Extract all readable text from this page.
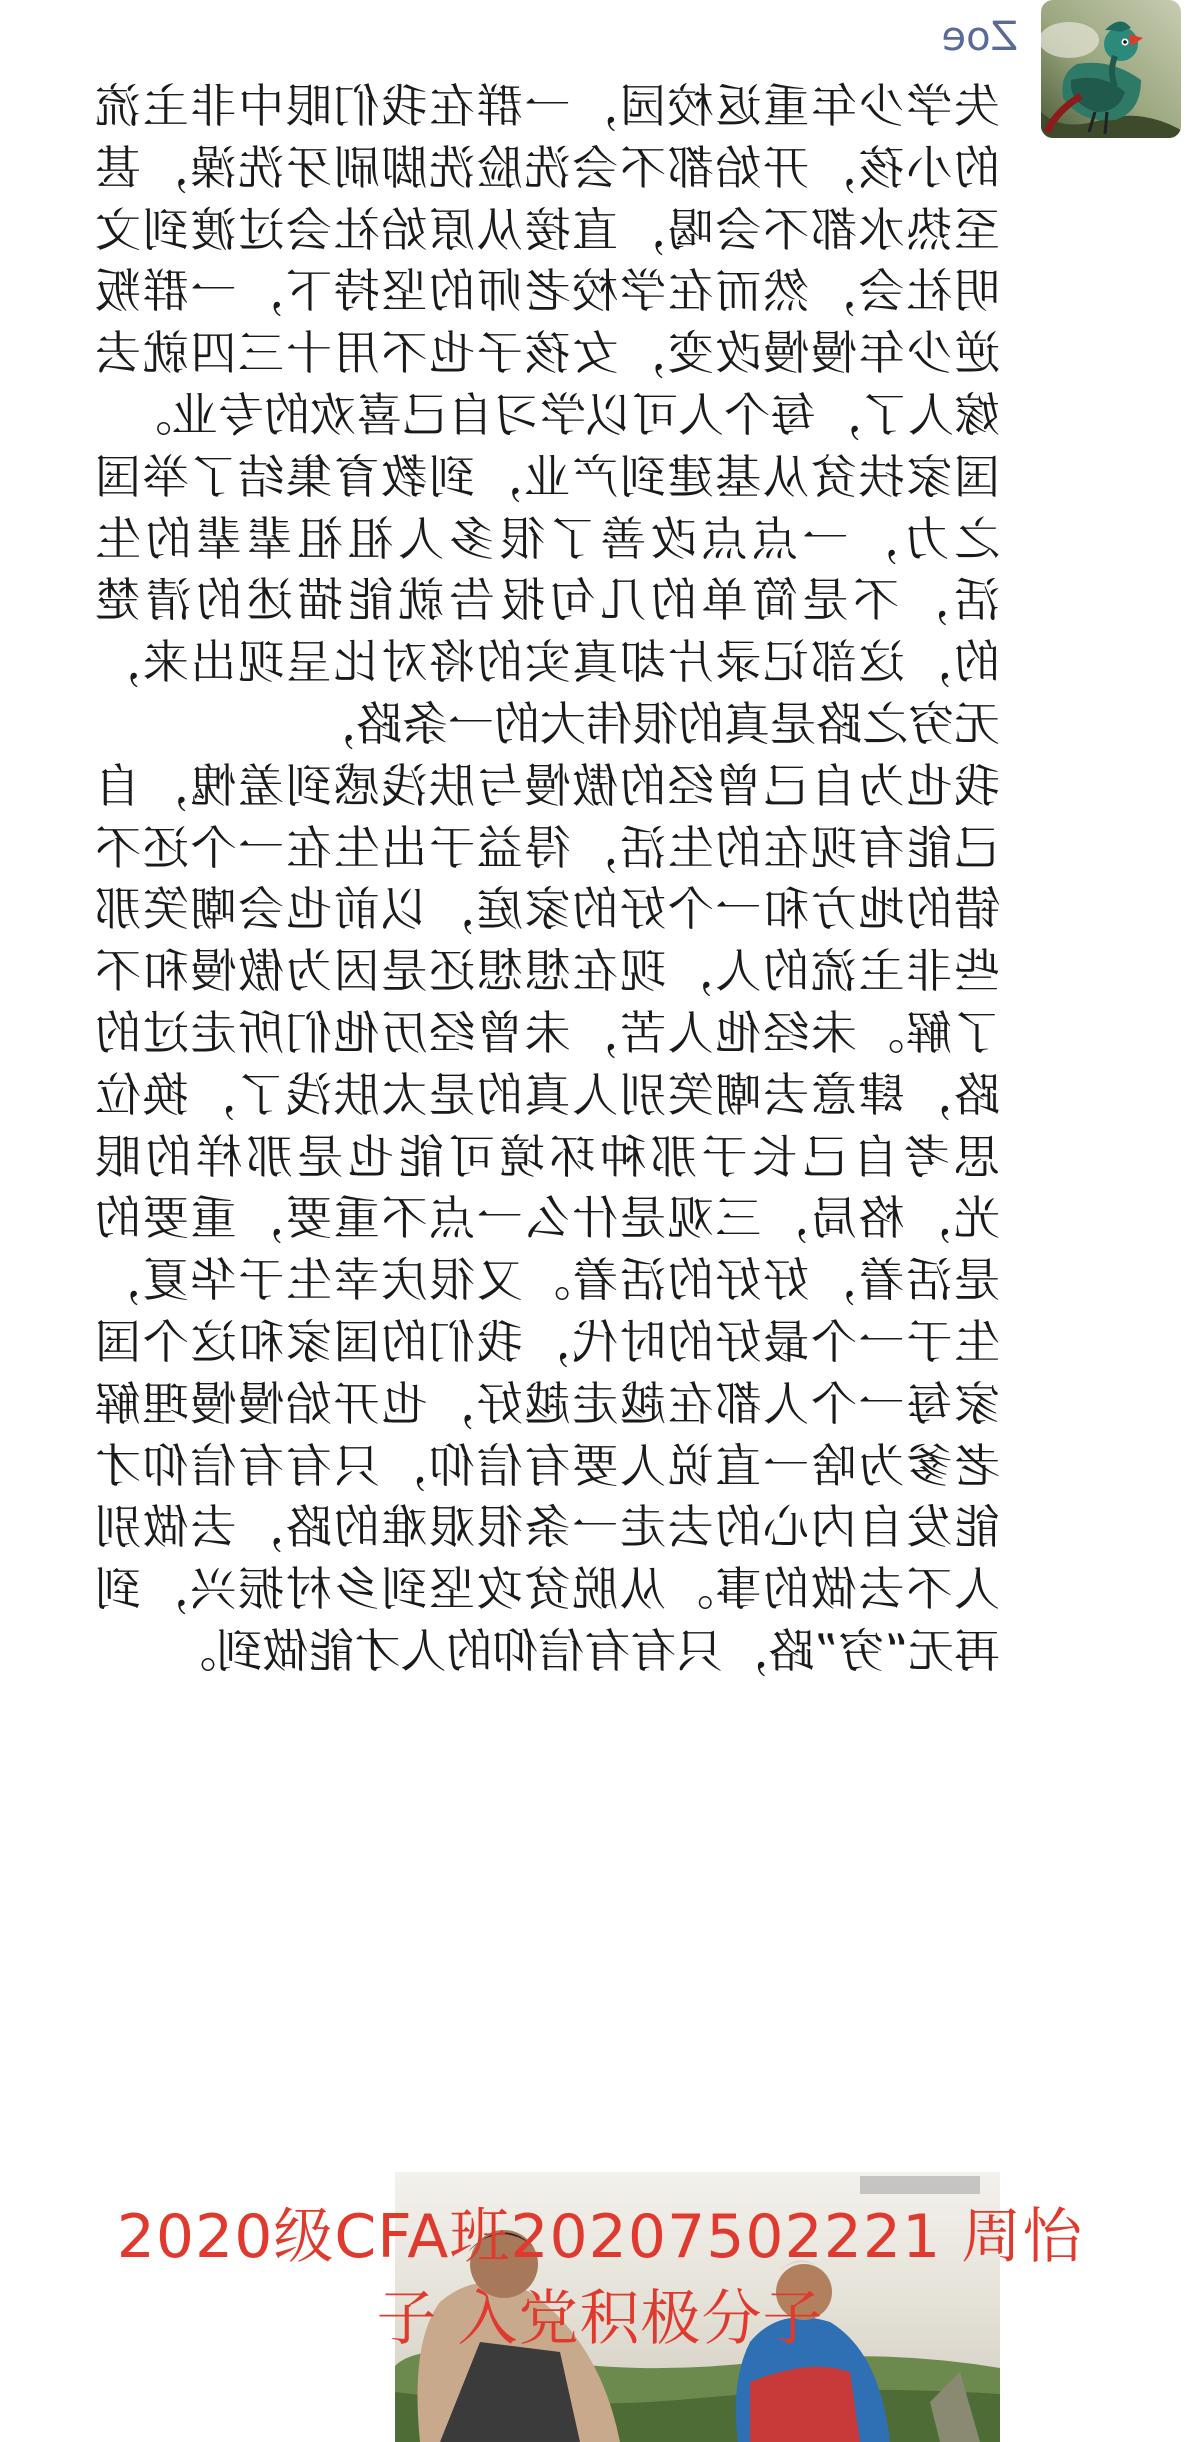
Zoe

失学少年重返校园，一群在我们眼中非主流的小孩，开始都不会洗脸洗脚刷牙洗澡，甚至热水都不会喝，直接从原始社会过渡到文明社会，然而在学校老师的坚持下，一群叛逆少年慢慢改变，女孩子也不用十三四就去嫁人了，每个人可以学习自己喜欢的专业。

国家扶贫从基建到产业，到教育集结了举国之力，一点点改善了很多人祖祖辈辈的生活，不是简单的几句报告就能描述的清楚的，这部记录片却真实的将对比呈现出来，无穷之路是真的很伟大的一条路，

我也为自己曾经的傲慢与肤浅感到羞愧，自己能有现在的生活，得益于出生在一个还不错的地方和一个好的家庭，以前也会嘲笑那些非主流的人，现在想想还是因为傲慢和不了解。未经他人苦，未曾经历他们所走过的路，肆意去嘲笑别人真的是太肤浅了，换位思考自己长于那种环境可能也是那样的眼光，格局，三观是什么一点不重要，重要的是活着，好好的活着。又很庆幸生于华夏，生于一个最好的时代，我们的国家和这个国家每一个人都在越走越好，也开始慢慢理解老爹为啥一直说人要有信仰，只有有信仰才能发自内心的去走一条很艰难的路，去做别人不去做的事。从脱贫攻坚到乡村振兴，到再无“穷”路，只有有信仰的人才能做到。

2020级CFA班20207502221 周怡
子 入党积极分子
